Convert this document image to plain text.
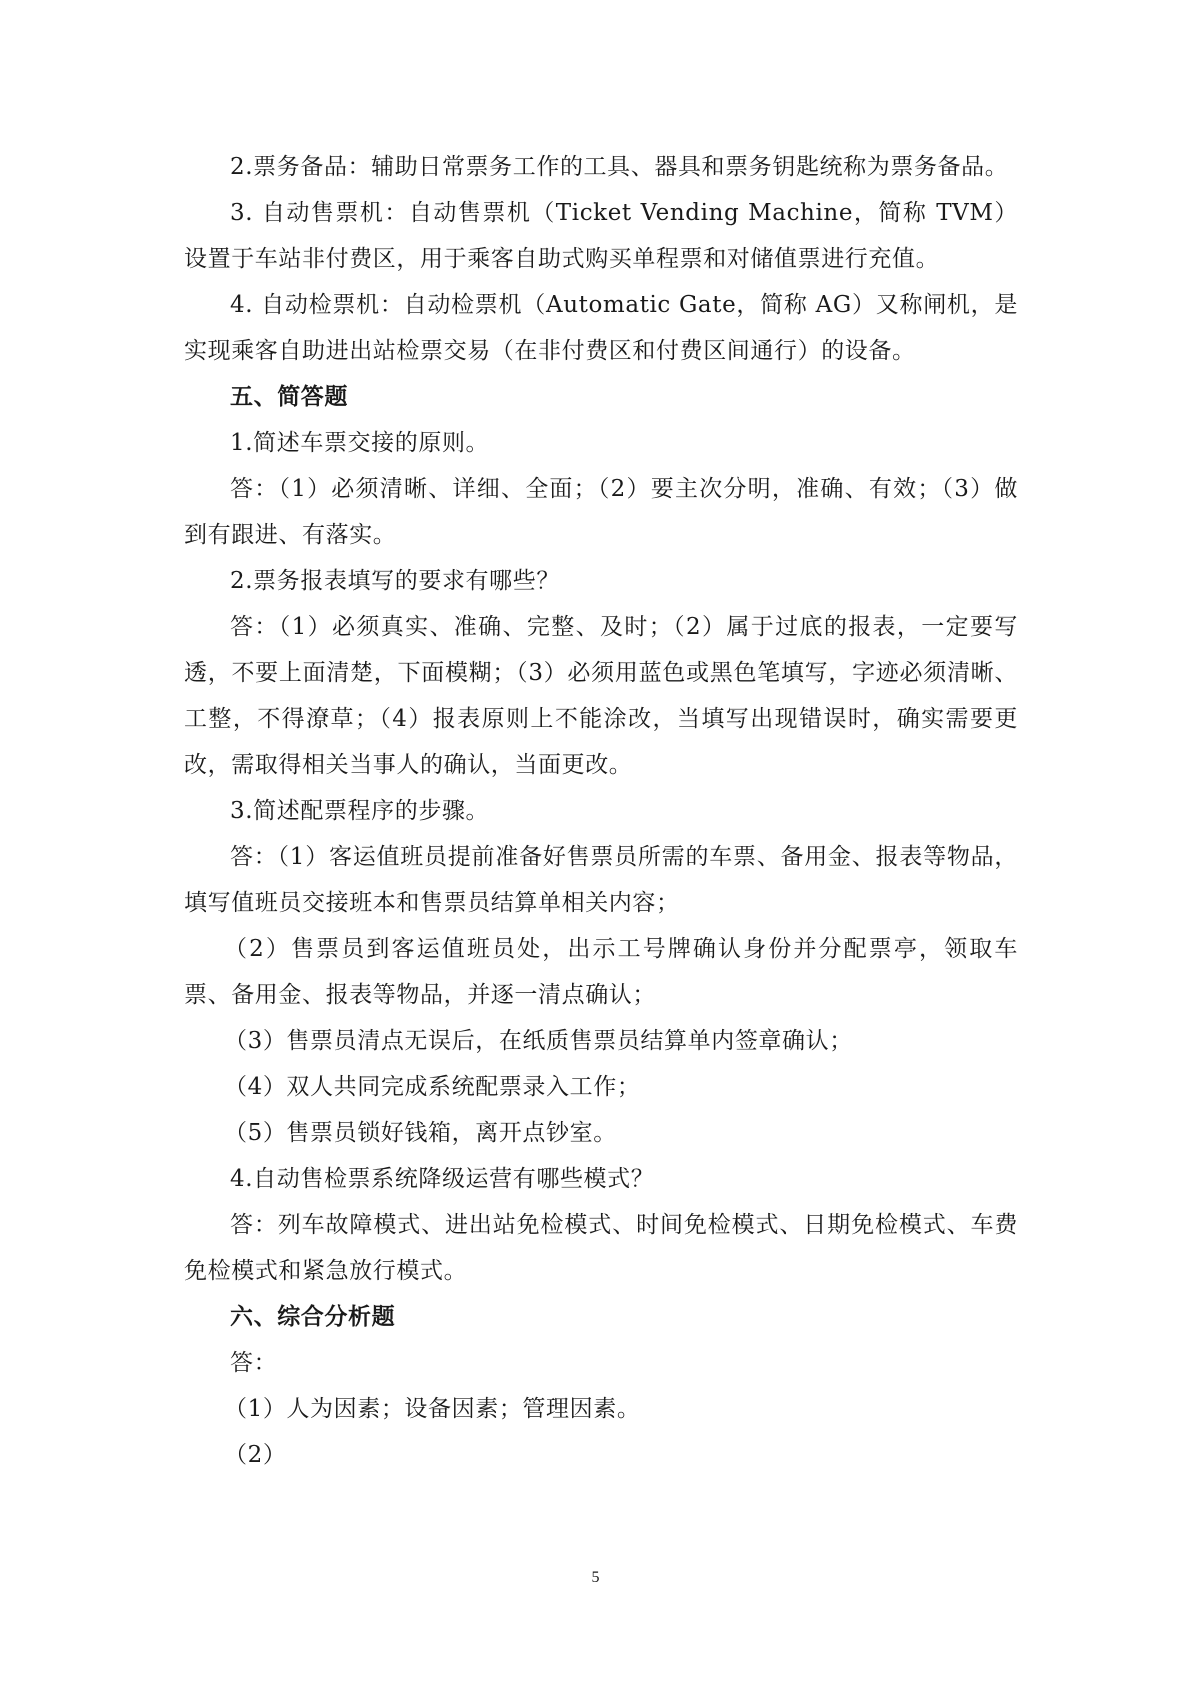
2.票务备品：辅助日常票务工作的工具、器具和票务钥匙统称为票务备品。

3. 自动售票机：自动售票机（Ticket Vending Machine，简称 TVM）设置于车站非付费区，用于乘客自助式购买单程票和对储值票进行充值。

4. 自动检票机：自动检票机（Automatic Gate，简称 AG）又称闸机，是实现乘客自助进出站检票交易（在非付费区和付费区间通行）的设备。

五、简答题

1.简述车票交接的原则。

答：（1）必须清晰、详细、全面；（2）要主次分明，准确、有效；（3）做到有跟进、有落实。

2.票务报表填写的要求有哪些？

答：（1）必须真实、准确、完整、及时；（2）属于过底的报表，一定要写透，不要上面清楚，下面模糊；（3）必须用蓝色或黑色笔填写，字迹必须清晰、工整，不得潦草；（4）报表原则上不能涂改，当填写出现错误时，确实需要更改，需取得相关当事人的确认，当面更改。

3.简述配票程序的步骤。

答：（1）客运值班员提前准备好售票员所需的车票、备用金、报表等物品，填写值班员交接班本和售票员结算单相关内容；

（2）售票员到客运值班员处，出示工号牌确认身份并分配票亭，领取车票、备用金、报表等物品，并逐一清点确认；

（3）售票员清点无误后，在纸质售票员结算单内签章确认；

（4）双人共同完成系统配票录入工作；

（5）售票员锁好钱箱，离开点钞室。

4.自动售检票系统降级运营有哪些模式？

答：列车故障模式、进出站免检模式、时间免检模式、日期免检模式、车费免检模式和紧急放行模式。

六、综合分析题

答：

（1）人为因素；设备因素；管理因素。

（2）

5
